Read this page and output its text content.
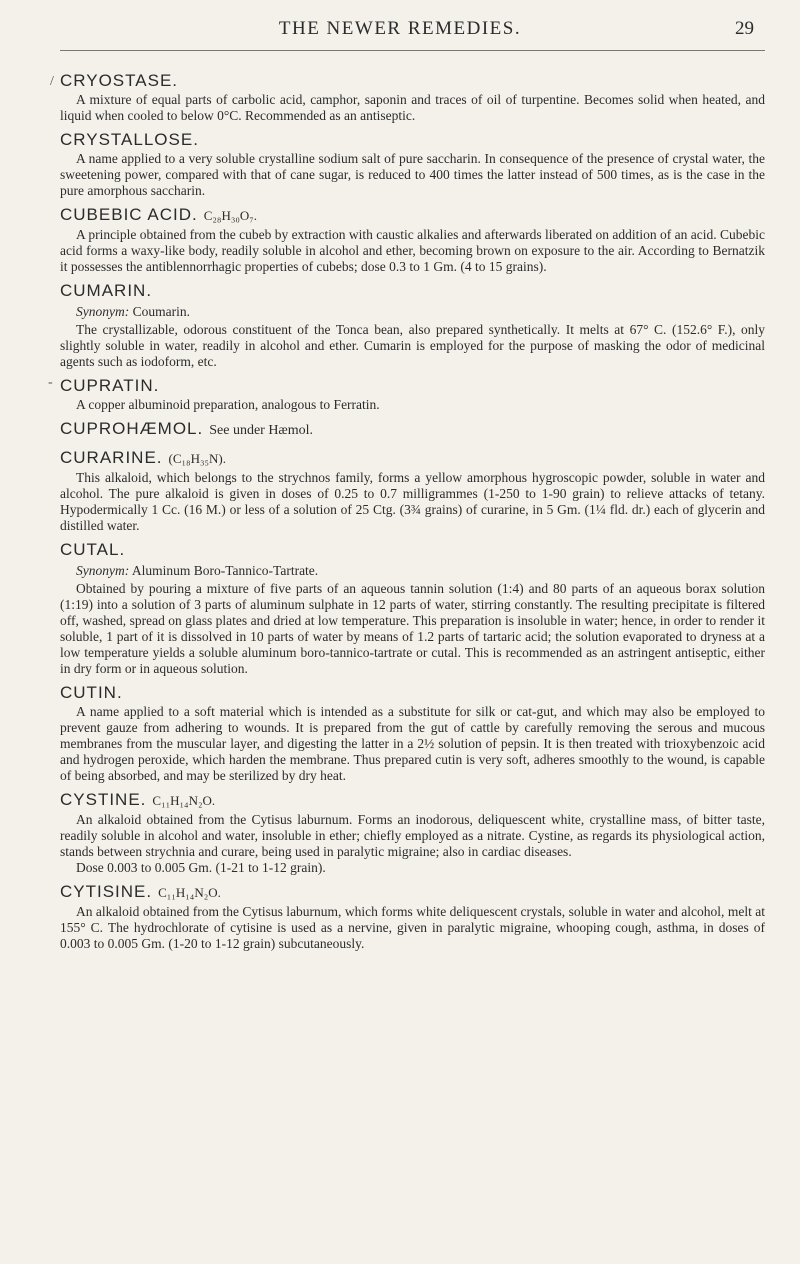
THE NEWER REMEDIES.	29
/ CRYOSTASE.

A mixture of equal parts of carbolic acid, camphor, saponin and traces of oil of turpentine. Becomes solid when heated, and liquid when cooled to below 0°C. Recommended as an antiseptic.

CRYSTALLOSE.

A name applied to a very soluble crystalline sodium salt of pure saccharin. In consequence of the presence of crystal water, the sweetening power, compared with that of cane sugar, is reduced to 400 times the latter instead of 500 times, as is the case in the pure amorphous saccharin.

CUBEBIC ACID. C₂₈H₃₀O₇.

A principle obtained from the cubeb by extraction with caustic alkalies and afterwards liberated on addition of an acid. Cubebic acid forms a waxy-like body, readily soluble in alcohol and ether, becoming brown on exposure to the air. According to Bernatzik it possesses the antiblennorrhagic properties of cubebs; dose 0.3 to 1 Gm. (4 to 15 grains).

CUMARIN.
Synonym: Coumarin.

The crystallizable, odorous constituent of the Tonca bean, also prepared synthetically. It melts at 67° C. (152.6° F.), only slightly soluble in water, readily in alcohol and ether. Cumarin is employed for the purpose of masking the odor of medicinal agents such as iodoform, etc.

- CUPRATIN.

A copper albuminoid preparation, analogous to Ferratin.

CUPROHÆMOL. See under Hæmol.
CURARINE. (C₁₈H₃₅N).

This alkaloid, which belongs to the strychnos family, forms a yellow amorphous hygroscopic powder, soluble in water and alcohol. The pure alkaloid is given in doses of 0.25 to 0.7 milligrammes (1-250 to 1-90 grain) to relieve attacks of tetany. Hypodermically 1 Cc. (16 M.) or less of a solution of 25 Ctg. (3¾ grains) of curarine, in 5 Gm. (1¼ fld. dr.) each of glycerin and distilled water.

CUTAL.
Synonym: Aluminum Boro-Tannico-Tartrate.

Obtained by pouring a mixture of five parts of an aqueous tannin solution (1:4) and 80 parts of an aqueous borax solution (1:19) into a solution of 3 parts of aluminum sulphate in 12 parts of water, stirring constantly. The resulting precipitate is filtered off, washed, spread on glass plates and dried at low temperature. This preparation is insoluble in water; hence, in order to render it soluble, 1 part of it is dissolved in 10 parts of water by means of 1.2 parts of tartaric acid; the solution evaporated to dryness at a low temperature yields a soluble aluminum boro-tannico-tartrate or cutal. This is recommended as an astringent antiseptic, either in dry form or in aqueous solution.

CUTIN.

A name applied to a soft material which is intended as a substitute for silk or cat-gut, and which may also be employed to prevent gauze from adhering to wounds. It is prepared from the gut of cattle by carefully removing the serous and mucous membranes from the muscular layer, and digesting the latter in a 2½ solution of pepsin. It is then treated with trioxybenzoic acid and hydrogen peroxide, which harden the membrane. Thus prepared cutin is very soft, adheres smoothly to the wound, is capable of being absorbed, and may be sterilized by dry heat.

CYSTINE. C₁₁H₁₄N₂O.

An alkaloid obtained from the Cytisus laburnum. Forms an inodorous, deliquescent white, crystalline mass, of bitter taste, readily soluble in alcohol and water, insoluble in ether; chiefly employed as a nitrate. Cystine, as regards its physiological action, stands between strychnia and curare, being used in paralytic migraine; also in cardiac diseases.

Dose 0.003 to 0.005 Gm. (1-21 to 1-12 grain).

CYTISINE. C₁₁H₁₄N₂O.

An alkaloid obtained from the Cytisus laburnum, which forms white deliquescent crystals, soluble in water and alcohol, melt at 155° C. The hydrochlorate of cytisine is used as a nervine, given in paralytic migraine, whooping cough, asthma, in doses of 0.003 to 0.005 Gm. (1-20 to 1-12 grain) subcutaneously.
